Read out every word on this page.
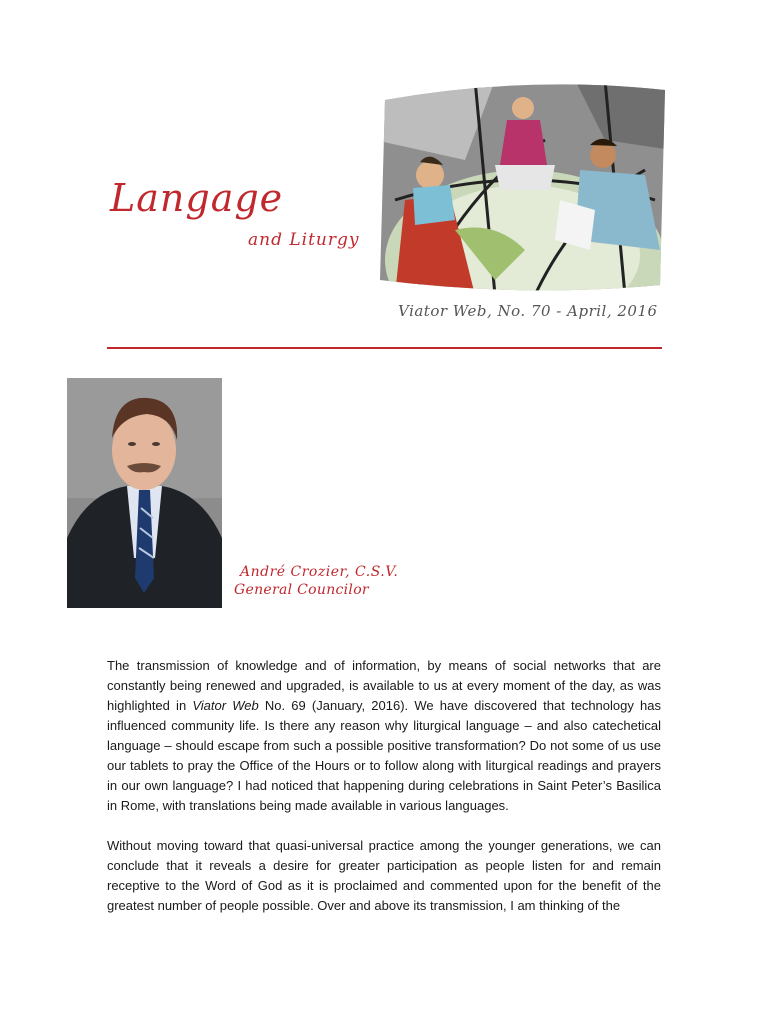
Langage
and Liturgy
Viator Web, No. 70 - April, 2016
André Crozier, C.S.V.
General Councilor

The transmission of knowledge and of information, by means of social networks that are constantly being renewed and upgraded, is available to us at every moment of the day, as was highlighted in Viator Web No. 69 (January, 2016). We have discovered that technology has influenced community life. Is there any reason why liturgical language – and also catechetical language – should escape from such a possible positive transformation? Do not some of us use our tablets to pray the Office of the Hours or to follow along with liturgical readings and prayers in our own language? I had noticed that happening during celebrations in Saint Peter’s Basilica in Rome, with translations being made available in various languages.

Without moving toward that quasi-universal practice among the younger generations, we can conclude that it reveals a desire for greater participation as people listen for and remain receptive to the Word of God as it is proclaimed and commented upon for the benefit of the greatest number of people possible. Over and above its transmission, I am thinking of the
